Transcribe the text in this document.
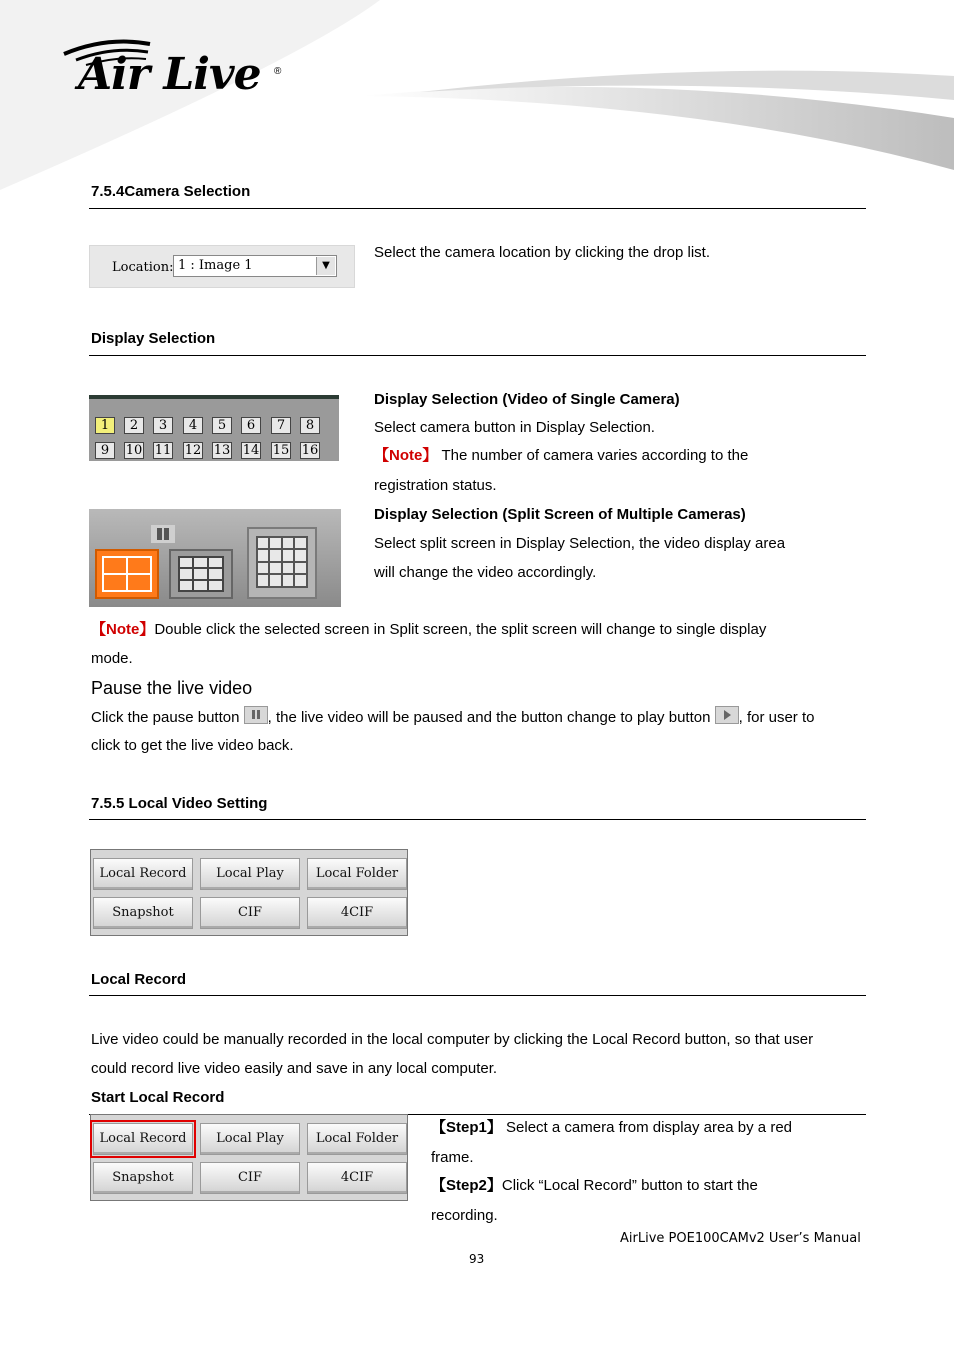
Air Live ®
7.5.4Camera Selection
Location: 1 : Image 1	▼
Select the camera location by clicking the drop list.
Display Selection
1	2	3	4	5	6	7	8
9	10 11 12 13 14 15 16
Display Selection (Video of Single Camera)
Select camera button in Display Selection.
【Note】 The number of camera varies according to the
registration status.
Display Selection (Split Screen of Multiple Cameras)
Select split screen in Display Selection, the video display area
will change the video accordingly.
【Note】Double click the selected screen in Split screen, the split screen will change to single display
mode.
Pause the live video
Click the pause button , the live video will be paused and the button change to play button , for user to
click to get the live video back.
7.5.5 Local Video Setting
Local Record	Local Play	Local Folder
Snapshot	CIF	4CIF
Local Record
Live video could be manually recorded in the local computer by clicking the Local Record button, so that user
could record live video easily and save in any local computer.
Start Local Record
Local Record	Local Play	Local Folder
Snapshot	CIF	4CIF
【Step1】 Select a camera from display area by a red
frame.
【Step2】Click “Local Record” button to start the
recording.
AirLive POE100CAMv2 User’s Manual
93
